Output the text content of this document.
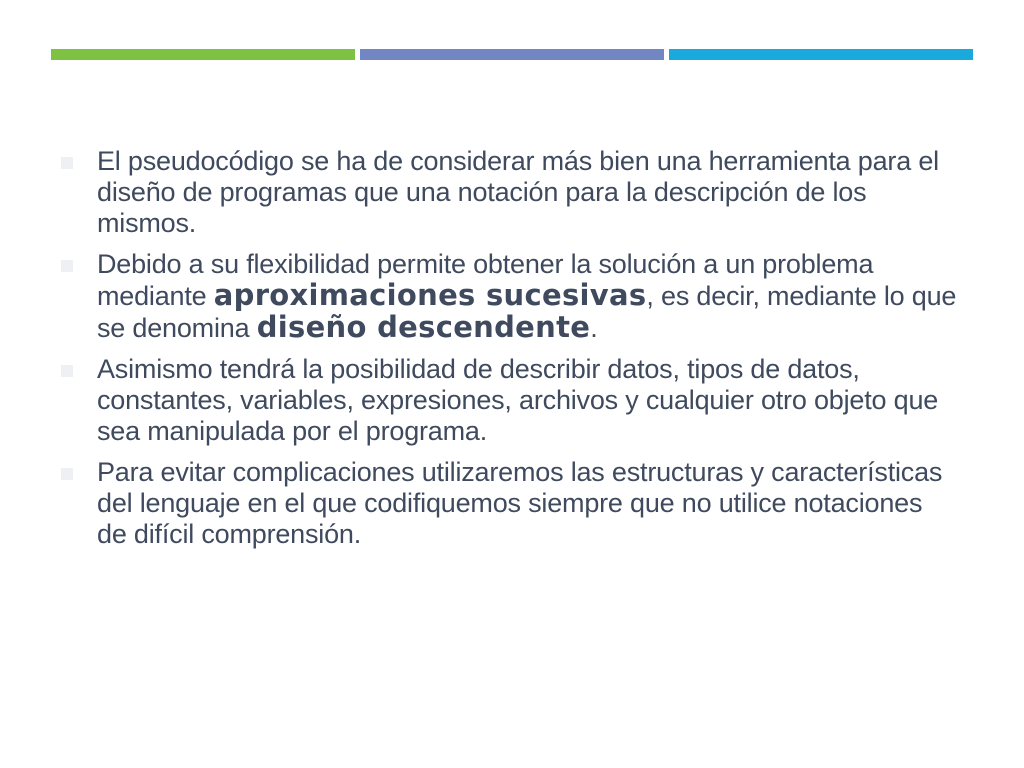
El pseudocódigo se ha de considerar más bien una herramienta para el diseño de programas que una notación para la descripción de los mismos.
Debido a su flexibilidad permite obtener la solución a un problema mediante aproximaciones sucesivas, es decir, mediante lo que se denomina diseño descendente.
Asimismo tendrá la posibilidad de describir datos, tipos de datos, constantes, variables, expresiones, archivos y cualquier otro objeto que sea manipulada por el programa.
Para evitar complicaciones utilizaremos las estructuras y características del lenguaje en el que codifiquemos siempre que no utilice notaciones de difícil comprensión.
